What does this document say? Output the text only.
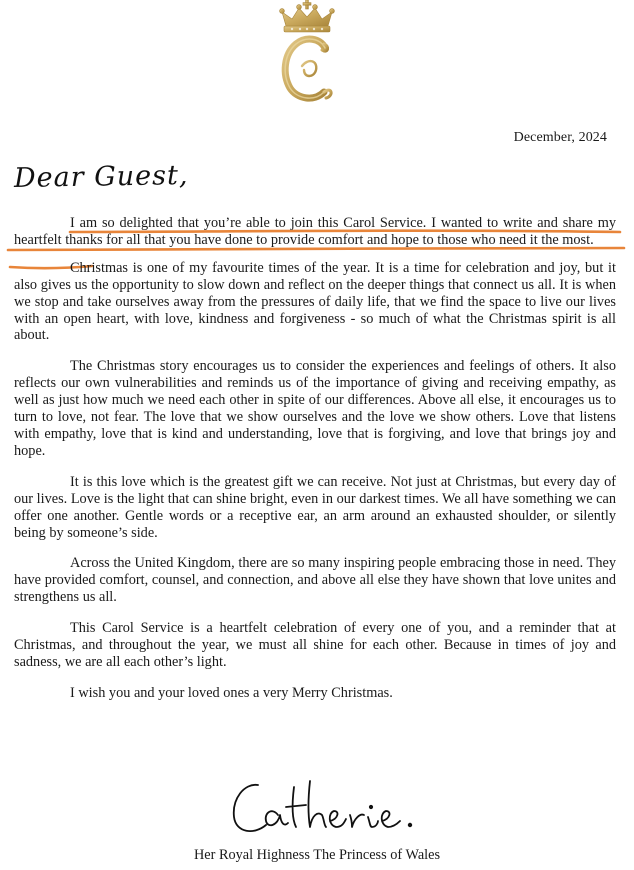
December, 2024
Dear Guest,

I am so delighted that you’re able to join this Carol Service. I wanted to write and share my heartfelt thanks for all that you have done to provide comfort and hope to those who need it the most.

Christmas is one of my favourite times of the year. It is a time for celebration and joy, but it also gives us the opportunity to slow down and reflect on the deeper things that connect us all. It is when we stop and take ourselves away from the pressures of daily life, that we find the space to live our lives with an open heart, with love, kindness and forgiveness - so much of what the Christmas spirit is all about.

The Christmas story encourages us to consider the experiences and feelings of others. It also reflects our own vulnerabilities and reminds us of the importance of giving and receiving empathy, as well as just how much we need each other in spite of our differences. Above all else, it encourages us to turn to love, not fear. The love that we show ourselves and the love we show others. Love that listens with empathy, love that is kind and understanding, love that is forgiving, and love that brings joy and hope.

It is this love which is the greatest gift we can receive. Not just at Christmas, but every day of our lives. Love is the light that can shine bright, even in our darkest times. We all have something we can offer one another. Gentle words or a receptive ear, an arm around an exhausted shoulder, or silently being by someone’s side.

Across the United Kingdom, there are so many inspiring people embracing those in need. They have provided comfort, counsel, and connection, and above all else they have shown that love unites and strengthens us all.

This Carol Service is a heartfelt celebration of every one of you, and a reminder that at Christmas, and throughout the year, we must all shine for each other. Because in times of joy and sadness, we are all each other’s light.

I wish you and your loved ones a very Merry Christmas.

Her Royal Highness The Princess of Wales
